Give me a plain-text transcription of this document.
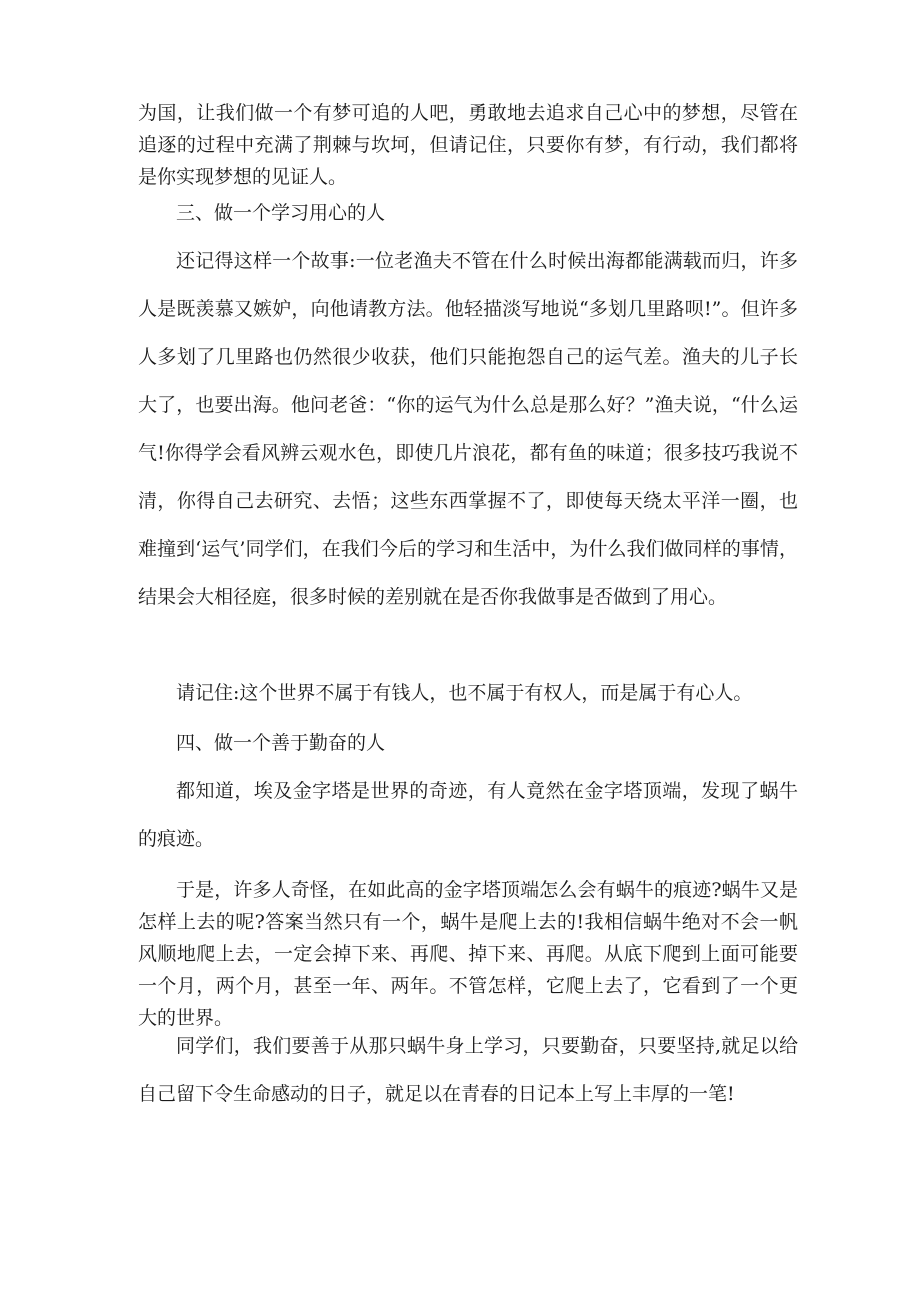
为国，让我们做一个有梦可追的人吧，勇敢地去追求自己心中的梦想，尽管在追逐的过程中充满了荆棘与坎坷，但请记住，只要你有梦，有行动，我们都将是你实现梦想的见证人。

三、做一个学习用心的人

还记得这样一个故事:一位老渔夫不管在什么时候出海都能满载而归，许多人是既羡慕又嫉妒，向他请教方法。他轻描淡写地说“多划几里路呗!”。但许多人多划了几里路也仍然很少收获，他们只能抱怨自己的运气差。渔夫的儿子长大了，也要出海。他问老爸：“你的运气为什么总是那么好？”渔夫说，“什么运气!你得学会看风辨云观水色，即使几片浪花，都有鱼的味道；很多技巧我说不清，你得自己去研究、去悟；这些东西掌握不了，即使每天绕太平洋一圈，也难撞到‘运气’同学们，在我们今后的学习和生活中，为什么我们做同样的事情，结果会大相径庭，很多时候的差别就在是否你我做事是否做到了用心。

请记住:这个世界不属于有钱人，也不属于有权人，而是属于有心人。

四、做一个善于勤奋的人

都知道，埃及金字塔是世界的奇迹，有人竟然在金字塔顶端，发现了蜗牛的痕迹。

于是，许多人奇怪，在如此高的金字塔顶端怎么会有蜗牛的痕迹?蜗牛又是怎样上去的呢?答案当然只有一个，蜗牛是爬上去的!我相信蜗牛绝对不会一帆风顺地爬上去，一定会掉下来、再爬、掉下来、再爬。从底下爬到上面可能要一个月，两个月，甚至一年、两年。不管怎样，它爬上去了，它看到了一个更大的世界。

同学们，我们要善于从那只蜗牛身上学习，只要勤奋，只要坚持,就足以给自己留下令生命感动的日子，就足以在青春的日记本上写上丰厚的一笔!
